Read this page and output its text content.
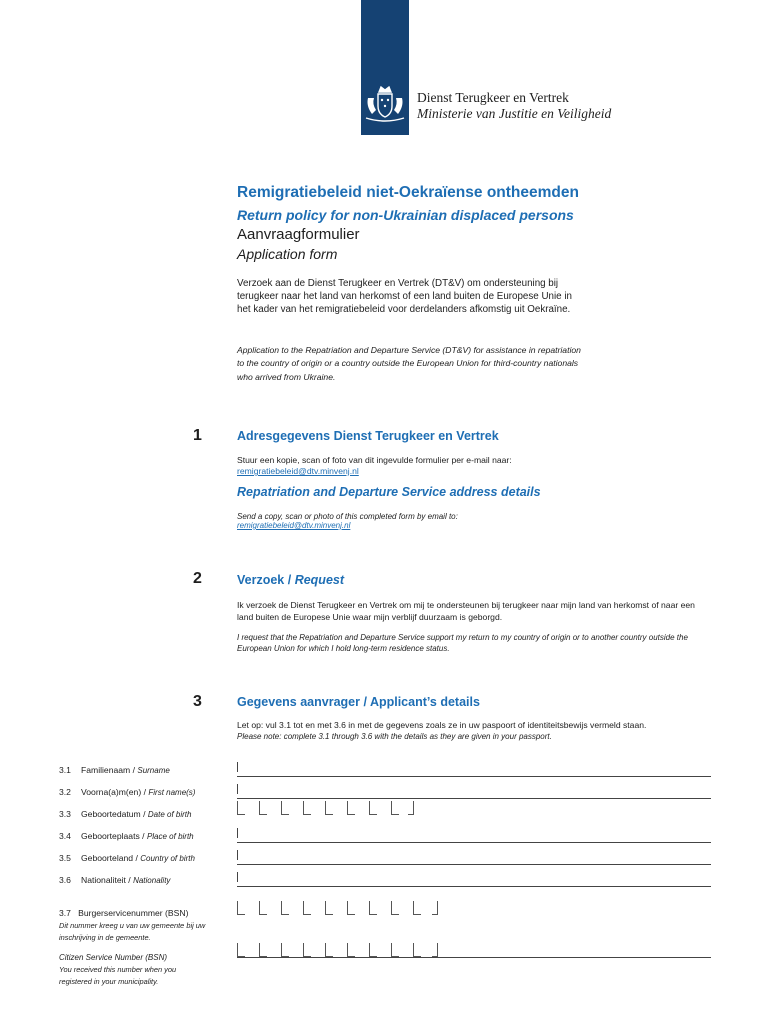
Dienst Terugkeer en Vertrek
Ministerie van Justitie en Veiligheid
Remigratiebeleid niet-Oekraïense ontheemden
Return policy for non-Ukrainian displaced persons
Aanvraagformulier
Application form
Verzoek aan de Dienst Terugkeer en Vertrek (DT&V) om ondersteuning bij terugkeer naar het land van herkomst of een land buiten de Europese Unie in het kader van het remigratiebeleid voor derdelanders afkomstig uit Oekraïne.
Application to the Repatriation and Departure Service (DT&V) for assistance in repatriation to the country of origin or a country outside the European Union for third-country nationals who arrived from Ukraine.
1	Adresgegevens Dienst Terugkeer en Vertrek
Stuur een kopie, scan of foto van dit ingevulde formulier per e-mail naar:
remigratiebeleid@dtv.minvenj.nl
Repatriation and Departure Service address details
Send a copy, scan or photo of this completed form by email to:
remigratiebeleid@dtv.minvenj.nl
2	Verzoek / Request
Ik verzoek de Dienst Terugkeer en Vertrek om mij te ondersteunen bij terugkeer naar mijn land van herkomst of naar een land buiten de Europese Unie waar mijn verblijf duurzaam is geborgd.
I request that the Repatriation and Departure Service support my return to my country of origin or to another country outside the European Union for which I hold long-term residence status.
3	Gegevens aanvrager / Applicant’s details
Let op: vul 3.1 tot en met 3.6 in met de gegevens zoals ze in uw paspoort of identiteitsbewijs vermeld staan.
Please note: complete 3.1 through 3.6 with the details as they are given in your passport.
3.1 Familienaam / Surname
3.2 Voorna(a)m(en) / First name(s)
3.3 Geboortedatum / Date of birth
3.4 Geboorteplaats / Place of birth
3.5 Geboorteland / Country of birth
3.6 Nationaliteit / Nationality
3.7 Burgerservicenummer (BSN)
Dit nummer kreeg u van uw gemeente bij uw inschrijving in de gemeente.
Citizen Service Number (BSN)
You received this number when you registered in your municipality.
